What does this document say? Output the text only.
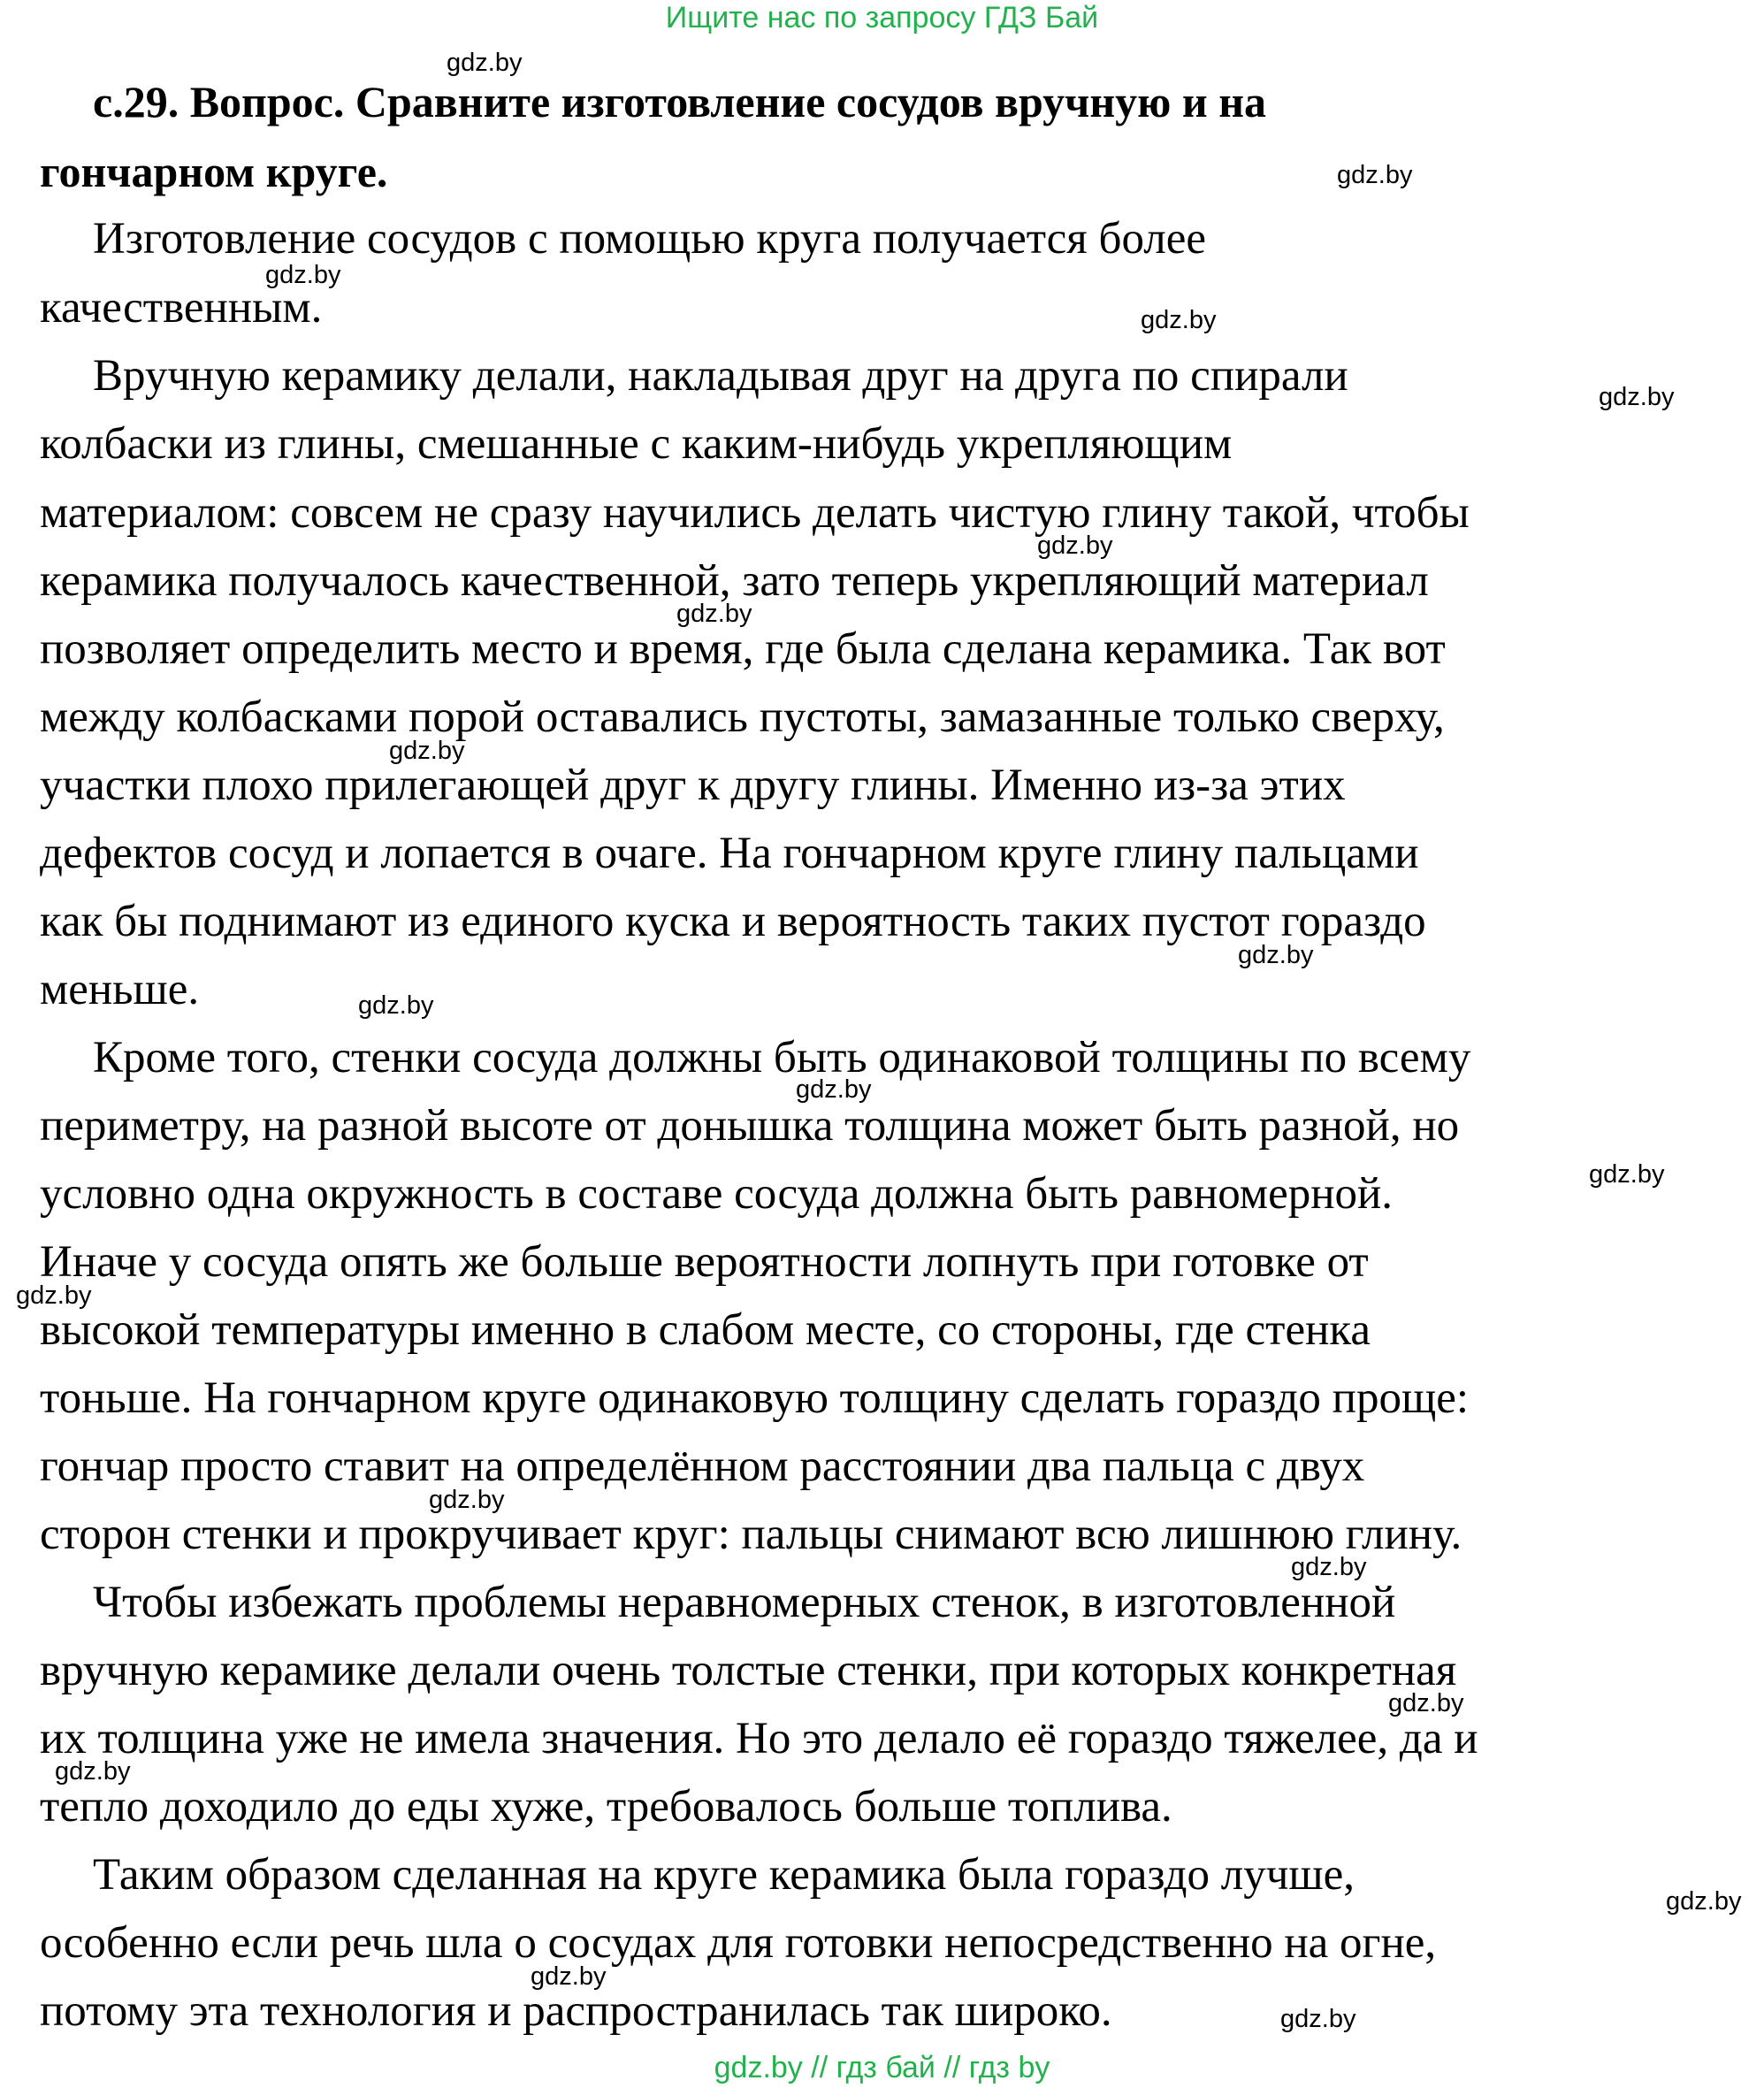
Ищите нас по запросу ГДЗ Бай
с.29. Вопрос. Сравните изготовление сосудов вручную и на
гончарном круге.
Изготовление сосудов с помощью круга получается более
качественным.
Вручную керамику делали, накладывая друг на друга по спирали
колбаски из глины, смешанные с каким-нибудь укрепляющим
материалом: совсем не сразу научились делать чистую глину такой, чтобы
керамика получалось качественной, зато теперь укрепляющий материал
позволяет определить место и время, где была сделана керамика. Так вот
между колбасками порой оставались пустоты, замазанные только сверху,
участки плохо прилегающей друг к другу глины. Именно из-за этих
дефектов сосуд и лопается в очаге. На гончарном круге глину пальцами
как бы поднимают из единого куска и вероятность таких пустот гораздо
меньше.
Кроме того, стенки сосуда должны быть одинаковой толщины по всему
периметру, на разной высоте от донышка толщина может быть разной, но
условно одна окружность в составе сосуда должна быть равномерной.
Иначе у сосуда опять же больше вероятности лопнуть при готовке от
высокой температуры именно в слабом месте, со стороны, где стенка
тоньше. На гончарном круге одинаковую толщину сделать гораздо проще:
гончар просто ставит на определённом расстоянии два пальца с двух
сторон стенки и прокручивает круг: пальцы снимают всю лишнюю глину.
Чтобы избежать проблемы неравномерных стенок, в изготовленной
вручную керамике делали очень толстые стенки, при которых конкретная
их толщина уже не имела значения. Но это делало её гораздо тяжелее, да и
тепло доходило до еды хуже, требовалось больше топлива.
Таким образом сделанная на круге керамика была гораздо лучше,
особенно если речь шла о сосудах для готовки непосредственно на огне,
потому эта технология и распространилась так широко.
gdz.by
gdz.by
gdz.by
gdz.by
gdz.by
gdz.by
gdz.by
gdz.by
gdz.by
gdz.by
gdz.by
gdz.by
gdz.by
gdz.by
gdz.by
gdz.by
gdz.by
gdz.by
gdz.by
gdz.by
gdz.by // гдз бай // гдз by
